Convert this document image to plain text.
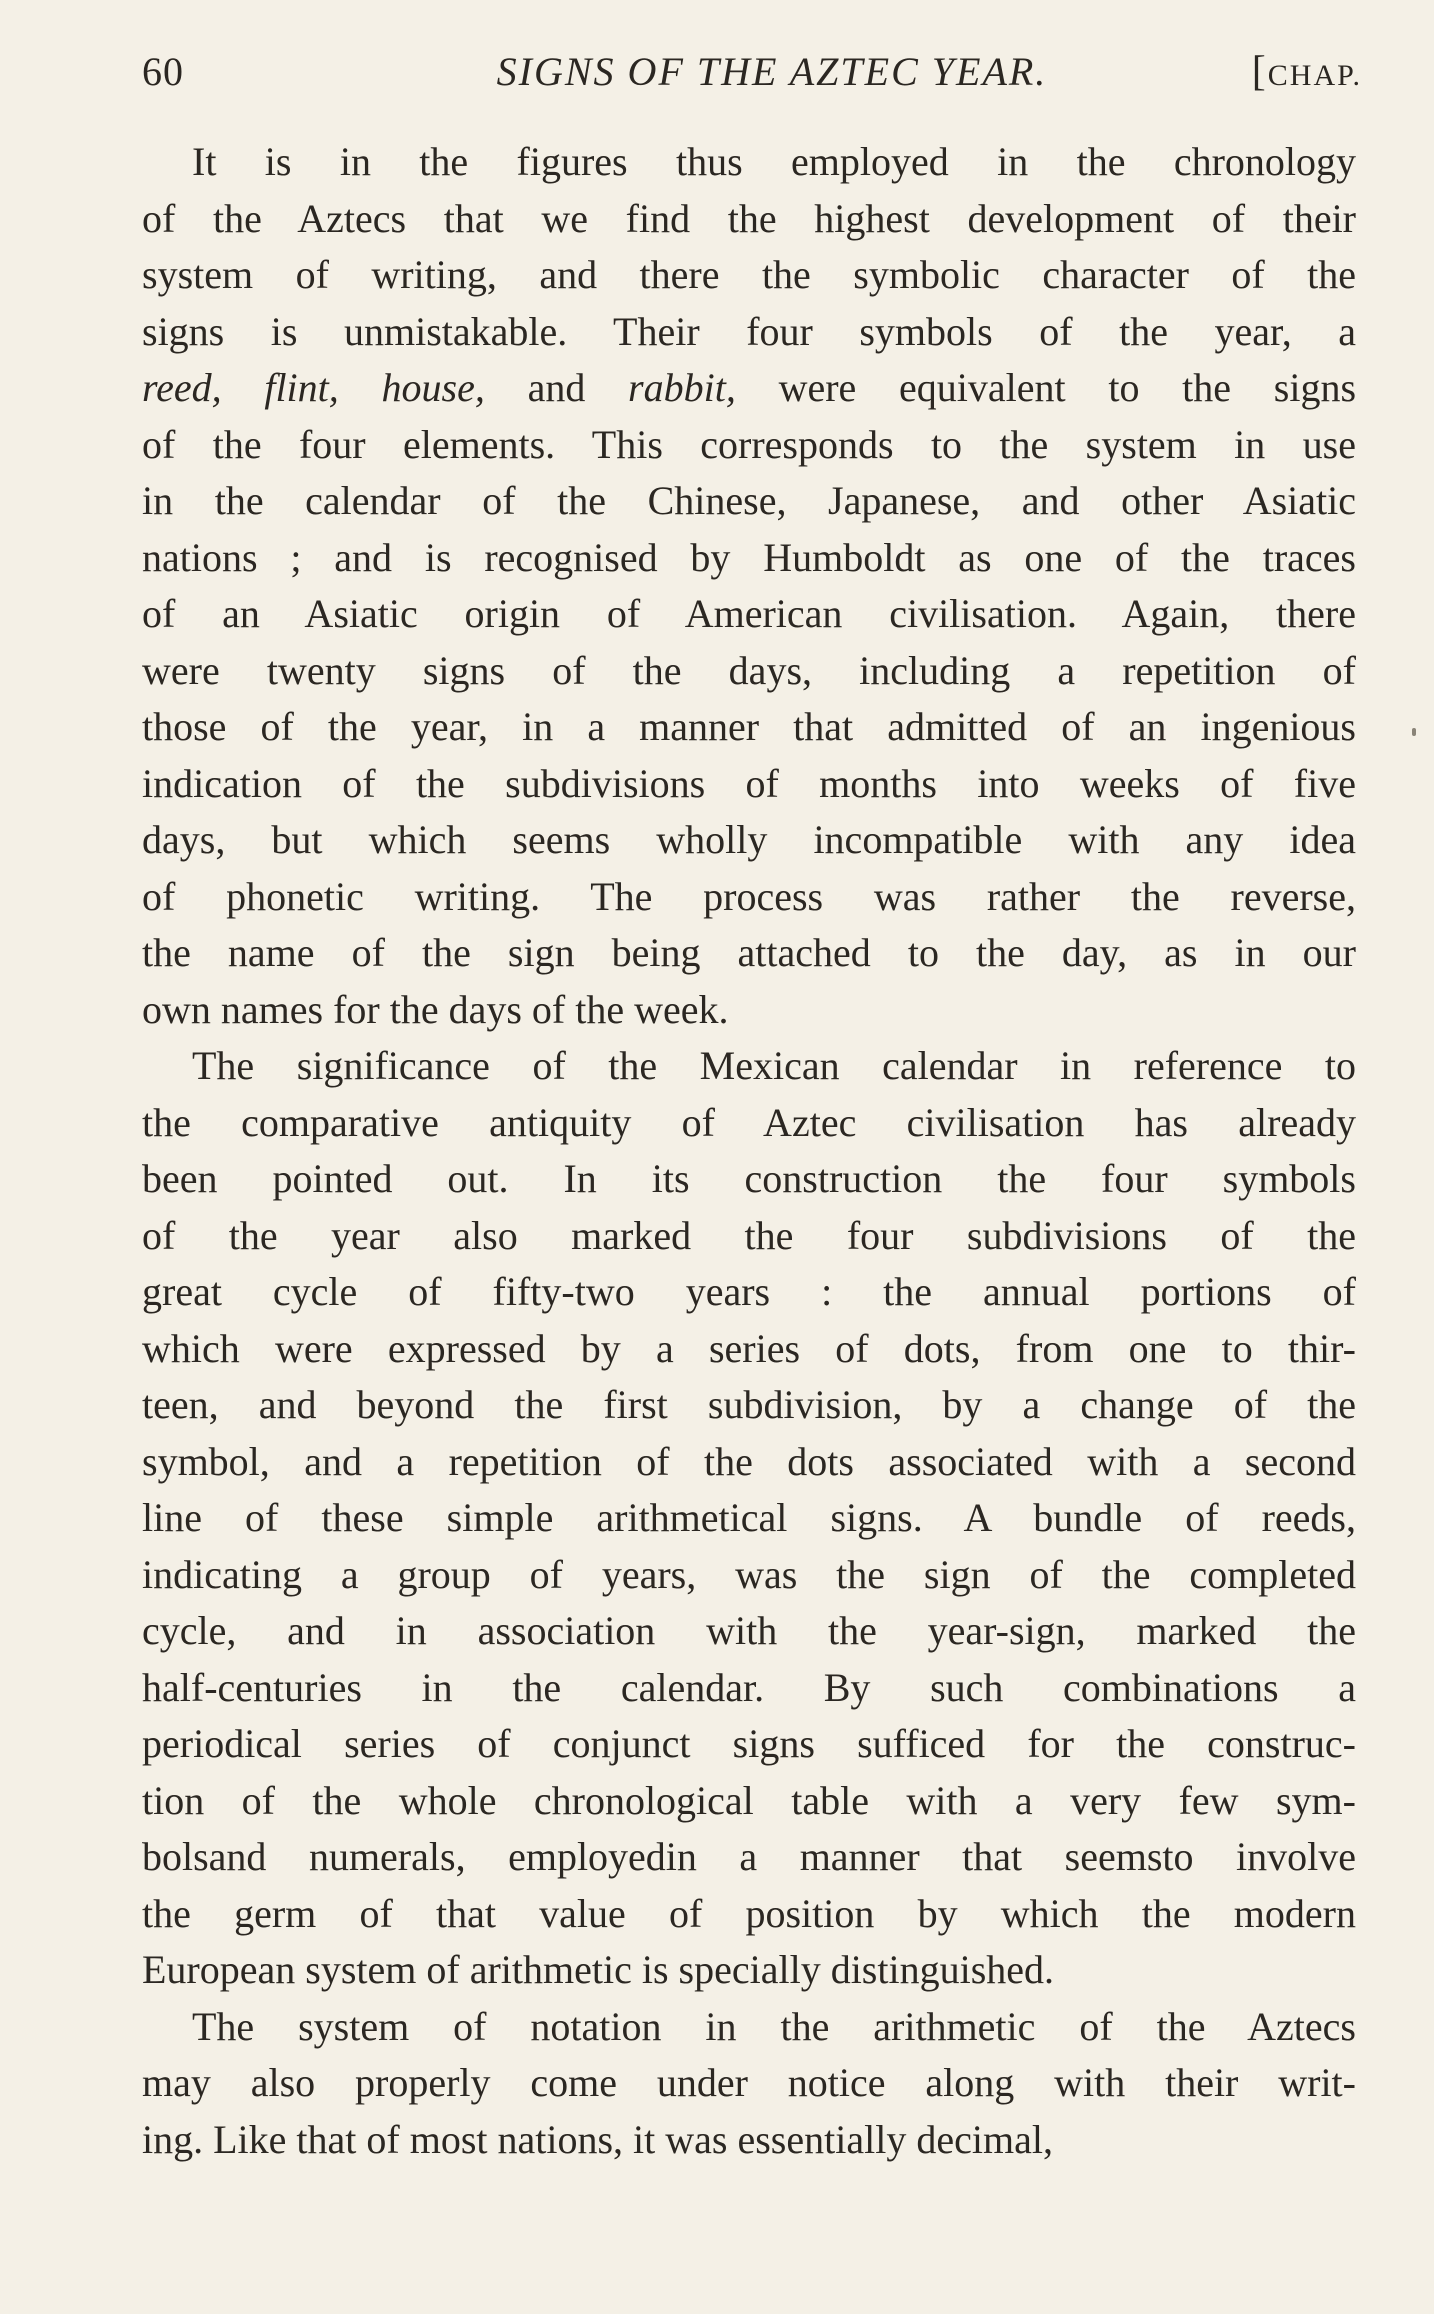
60	SIGNS OF THE AZTEC YEAR.	[CHAP.
It is in the figures thus employed in the chronology
of the Aztecs that we find the highest development of their
system of writing, and there the symbolic character of the
signs is unmistakable. Their four symbols of the year, a
reed, flint, house, and rabbit, were equivalent to the signs
of the four elements. This corresponds to the system in use
in the calendar of the Chinese, Japanese, and other Asiatic
nations ; and is recognised by Humboldt as one of the traces
of an Asiatic origin of American civilisation. Again, there
were twenty signs of the days, including a repetition of
those of the year, in a manner that admitted of an ingenious
indication of the subdivisions of months into weeks of five
days, but which seems wholly incompatible with any idea
of phonetic writing. The process was rather the reverse,
the name of the sign being attached to the day, as in our
own names for the days of the week.
The significance of the Mexican calendar in reference to
the comparative antiquity of Aztec civilisation has already
been pointed out. In its construction the four symbols
of the year also marked the four subdivisions of the
great cycle of fifty-two years : the annual portions of
which were expressed by a series of dots, from one to thir-
teen, and beyond the first subdivision, by a change of the
symbol, and a repetition of the dots associated with a second
line of these simple arithmetical signs. A bundle of reeds,
indicating a group of years, was the sign of the completed
cycle, and in association with the year-sign, marked the
half-centuries in the calendar. By such combinations a
periodical series of conjunct signs sufficed for the construc-
tion of the whole chronological table with a very few sym-
bolsand numerals, employedin a manner that seemsto involve
the germ of that value of position by which the modern
European system of arithmetic is specially distinguished.
The system of notation in the arithmetic of the Aztecs
may also properly come under notice along with their writ-
ing. Like that of most nations, it was essentially decimal,
